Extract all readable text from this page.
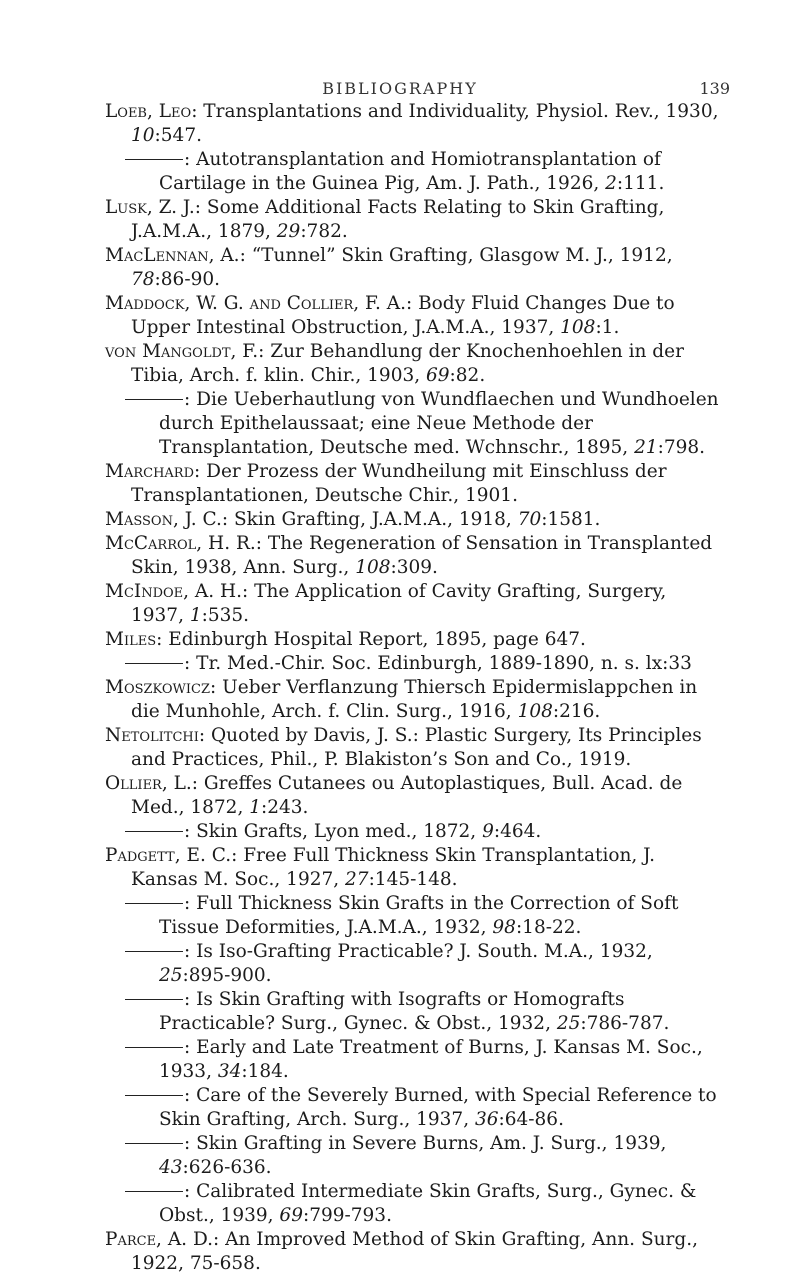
BIBLIOGRAPHY	139

Loeb, Leo: Transplantations and Individuality, Physiol. Rev., 1930, 10:547.

: Autotransplantation and Homiotransplantation of Cartilage in the Guinea Pig, Am. J. Path., 1926, 2:111.

Lusk, Z. J.: Some Additional Facts Relating to Skin Grafting, J.A.M.A., 1879, 29:782.

MacLennan, A.: “Tunnel” Skin Grafting, Glasgow M. J., 1912, 78:86-90.

Maddock, W. G. and Collier, F. A.: Body Fluid Changes Due to Upper Intestinal Obstruction, J.A.M.A., 1937, 108:1.

von Mangoldt, F.: Zur Behandlung der Knochenhoehlen in der Tibia, Arch. f. klin. Chir., 1903, 69:82.

: Die Ueberhautlung von Wundflaechen und Wundhoelen durch Epithelaussaat; eine Neue Methode der Transplantation, Deutsche med. Wchnschr., 1895, 21:798.

Marchard: Der Prozess der Wundheilung mit Einschluss der Transplantationen, Deutsche Chir., 1901.

Masson, J. C.: Skin Grafting, J.A.M.A., 1918, 70:1581.

McCarrol, H. R.: The Regeneration of Sensation in Transplanted Skin, 1938, Ann. Surg., 108:309.

McIndoe, A. H.: The Application of Cavity Grafting, Surgery, 1937, 1:535.

Miles: Edinburgh Hospital Report, 1895, page 647.

: Tr. Med.-Chir. Soc. Edinburgh, 1889-1890, n. s. lx:33

Moszkowicz: Ueber Verflanzung Thiersch Epidermislappchen in die Munhohle, Arch. f. Clin. Surg., 1916, 108:216.

Netolitchi: Quoted by Davis, J. S.: Plastic Surgery, Its Principles and Practices, Phil., P. Blakiston’s Son and Co., 1919.

Ollier, L.: Greffes Cutanees ou Autoplastiques, Bull. Acad. de Med., 1872, 1:243.

: Skin Grafts, Lyon med., 1872, 9:464.

Padgett, E. C.: Free Full Thickness Skin Transplantation, J. Kansas M. Soc., 1927, 27:145-148.

: Full Thickness Skin Grafts in the Correction of Soft Tissue Deformities, J.A.M.A., 1932, 98:18-22.

: Is Iso-Grafting Practicable? J. South. M.A., 1932, 25:895-900.

: Is Skin Grafting with Isografts or Homografts Practicable? Surg., Gynec. & Obst., 1932, 25:786-787.

: Early and Late Treatment of Burns, J. Kansas M. Soc., 1933, 34:184.

: Care of the Severely Burned, with Special Reference to Skin Grafting, Arch. Surg., 1937, 36:64-86.

: Skin Grafting in Severe Burns, Am. J. Surg., 1939, 43:626-636.

: Calibrated Intermediate Skin Grafts, Surg., Gynec. & Obst., 1939, 69:799-793.

Parce, A. D.: An Improved Method of Skin Grafting, Ann. Surg., 1922, 75-658.
